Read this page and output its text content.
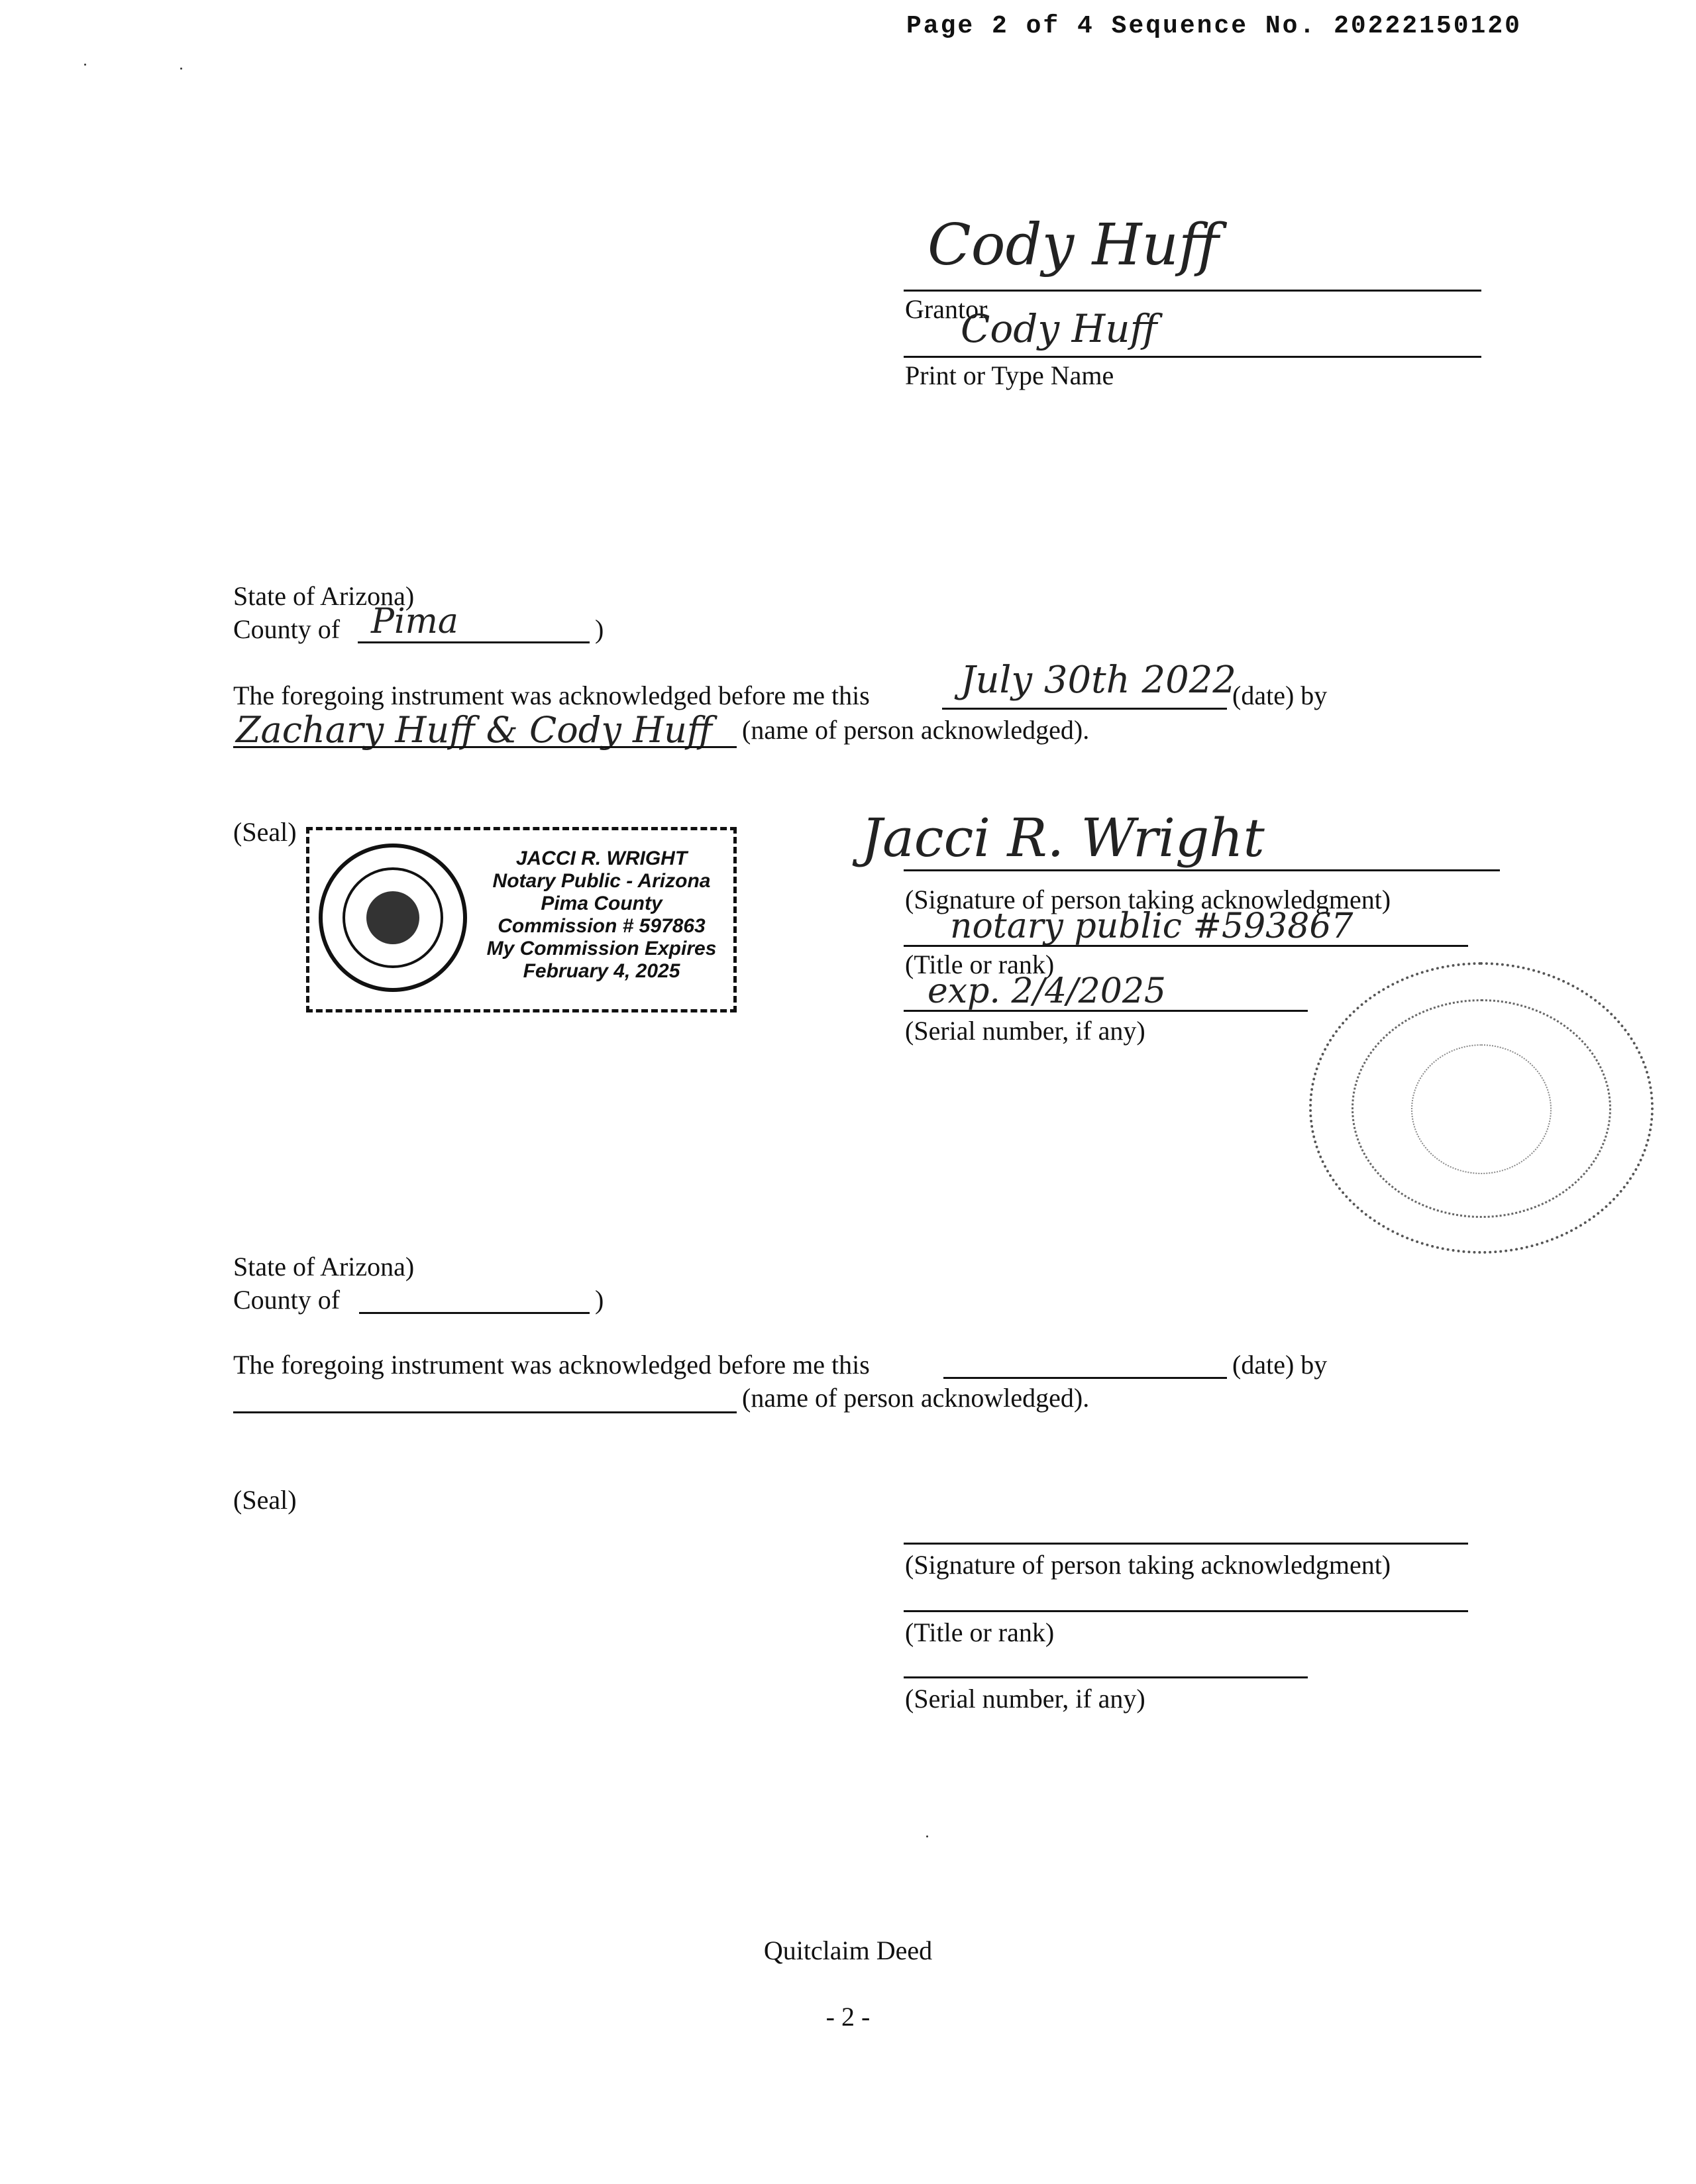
Page 2 of 4 Sequence No. 20222150120
Cody Huff
Grantor
Cody Huff
Print or Type Name
State of Arizona)
County of Pima	)
The foregoing instrument was acknowledged before me this July 30th 2022
(date) by
Zachary Huff & Cody Huff (name of person acknowledged).
(Seal)
JACCI R. WRIGHT
Notary Public - Arizona
Pima County
Commission # 597863
My Commission Expires
February 4, 2025
Jacci R. Wright
(Signature of person taking acknowledgment)
notary public #593867
(Title or rank)
exp. 2/4/2025
(Serial number, if any)
State of Arizona)
County of	)
The foregoing instrument was acknowledged before me this	(date) by
(name of person acknowledged).
(Seal)
(Signature of person taking acknowledgment)
(Title or rank)
(Serial number, if any)
Quitclaim Deed
- 2 -
